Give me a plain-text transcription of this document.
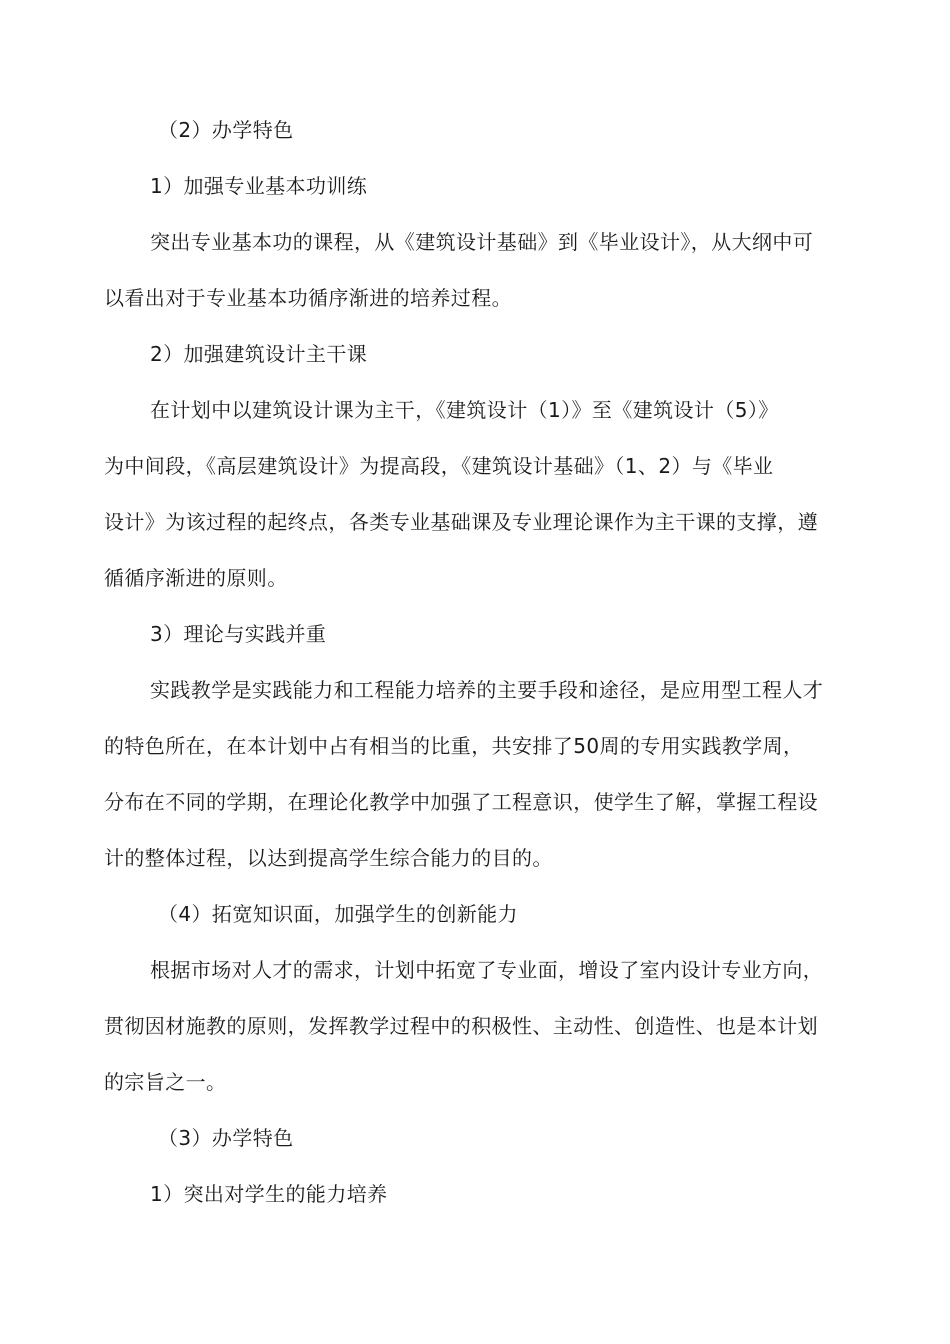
（2）办学特色
1）加强专业基本功训练
突出专业基本功的课程，从《建筑设计基础》到《毕业设计》，从大纲中可
以看出对于专业基本功循序渐进的培养过程。
2）加强建筑设计主干课
在计划中以建筑设计课为主干，《建筑设计（1）》至《建筑设计（5）》
为中间段，《高层建筑设计》为提高段，《建筑设计基础》（1、2）与《毕业
设计》为该过程的起终点，各类专业基础课及专业理论课作为主干课的支撑，遵
循循序渐进的原则。
3）理论与实践并重
实践教学是实践能力和工程能力培养的主要手段和途径，是应用型工程人才
的特色所在，在本计划中占有相当的比重，共安排了50周的专用实践教学周，
分布在不同的学期，在理论化教学中加强了工程意识，使学生了解，掌握工程设
计的整体过程，以达到提高学生综合能力的目的。
（4）拓宽知识面，加强学生的创新能力
根据市场对人才的需求，计划中拓宽了专业面，增设了室内设计专业方向，
贯彻因材施教的原则，发挥教学过程中的积极性、主动性、创造性、也是本计划
的宗旨之一。
（3）办学特色
1）突出对学生的能力培养
